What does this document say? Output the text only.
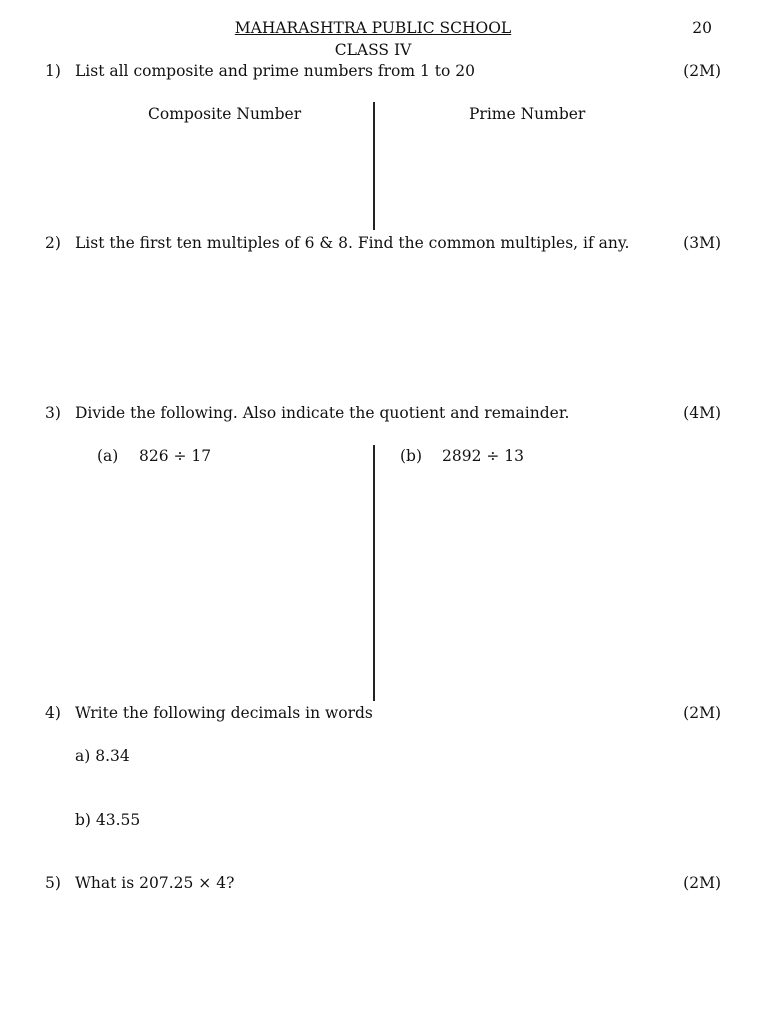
MAHARASHTRA PUBLIC SCHOOL
CLASS IV
20
1) List all composite and prime numbers from 1 to 20	(2M)
Composite Number	Prime Number
2) List the first ten multiples of 6 & 8. Find the common multiples, if any.	(3M)
3) Divide the following. Also indicate the quotient and remainder.	(4M)
(a) 826 ÷ 17	(b) 2892 ÷ 13
4) Write the following decimals in words	(2M)
a) 8.34
b) 43.55
5) What is 207.25 × 4?	(2M)
